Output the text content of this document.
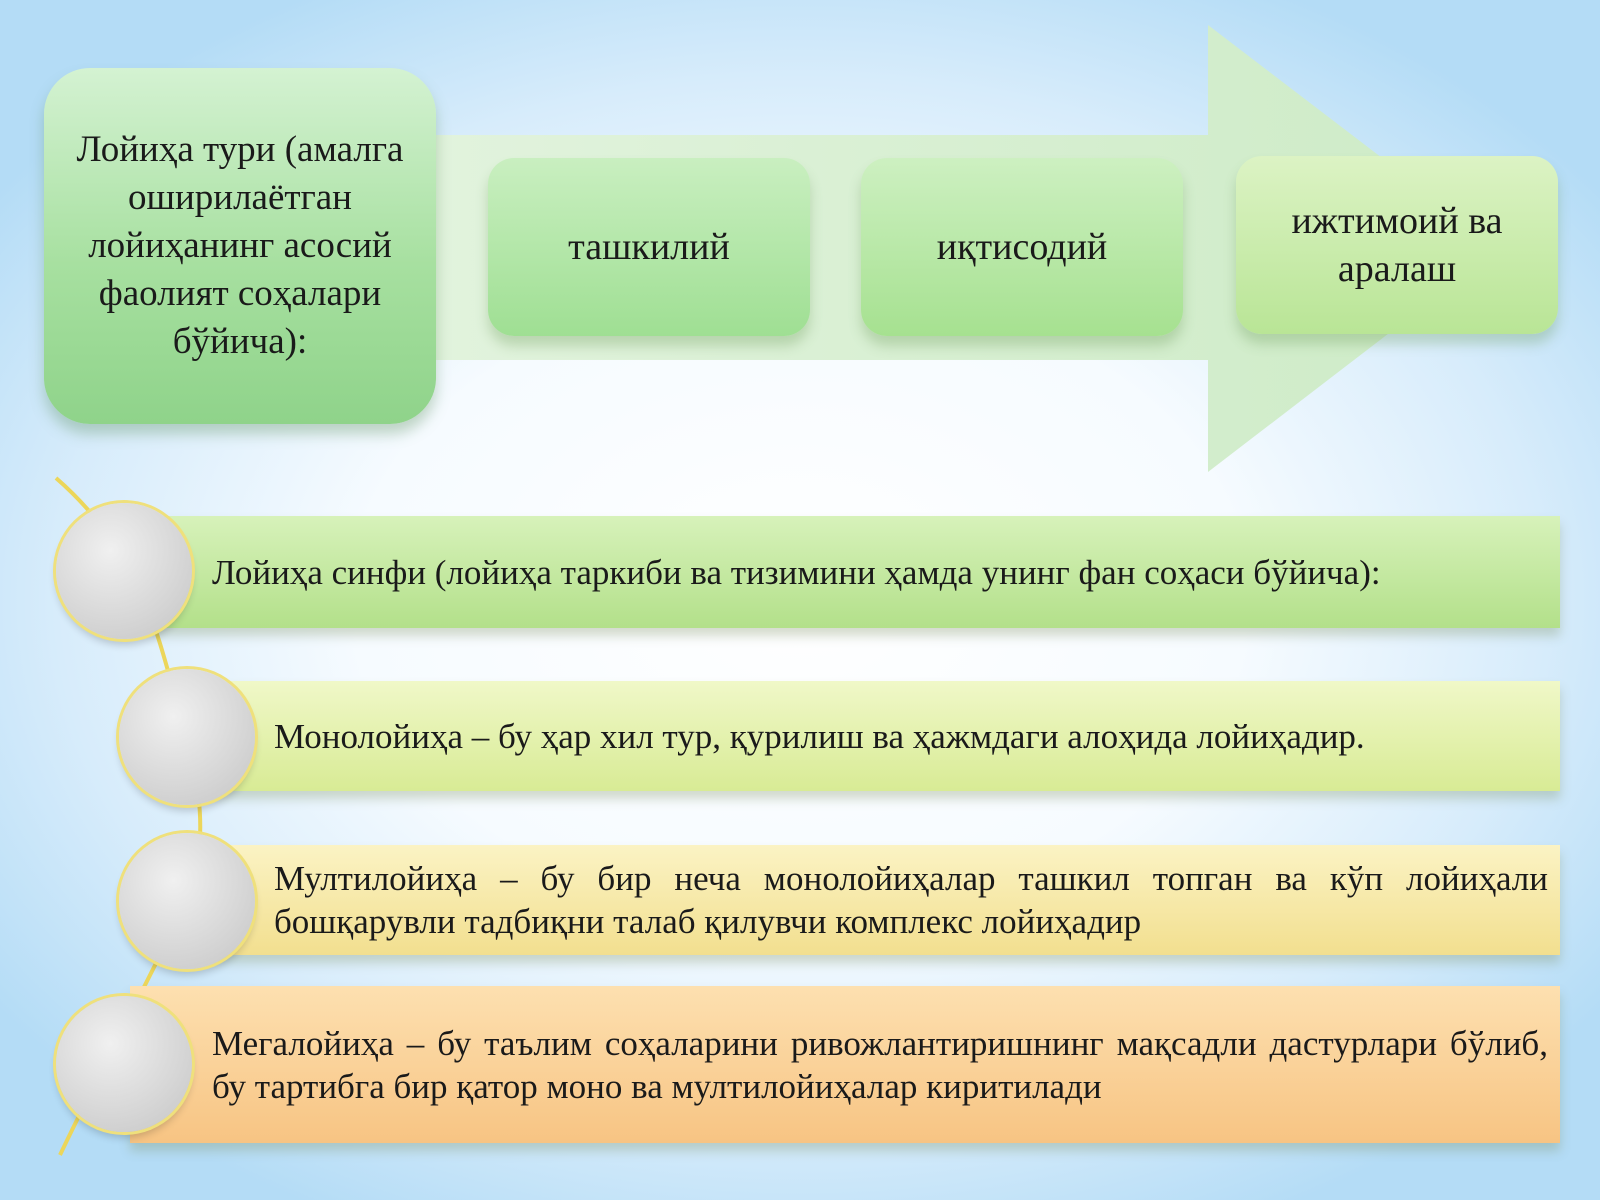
Лойиҳа тури (амалга оширилаётган лойиҳанинг асосий фаолият соҳалари бўйича):
ташкилий	иқтисодий
ижтимоий ва аралаш
Лойиҳа синфи (лойиҳа таркиби ва тизимини ҳамда унинг фан соҳаси бўйича):
Монолойиҳа – бу ҳар хил тур, қурилиш ва ҳажмдаги алоҳида лойиҳадир.
Мултилойиҳа – бу бир неча монолойиҳалар ташкил топган ва кўп лойиҳали бошқарувли тадбиқни талаб қилувчи комплекс лойиҳадир
Мегалойиҳа – бу таълим соҳаларини ривожлантиришнинг мақсадли дастурлари бўлиб, бу тартибга бир қатор моно ва мултилойиҳалар киритилади
